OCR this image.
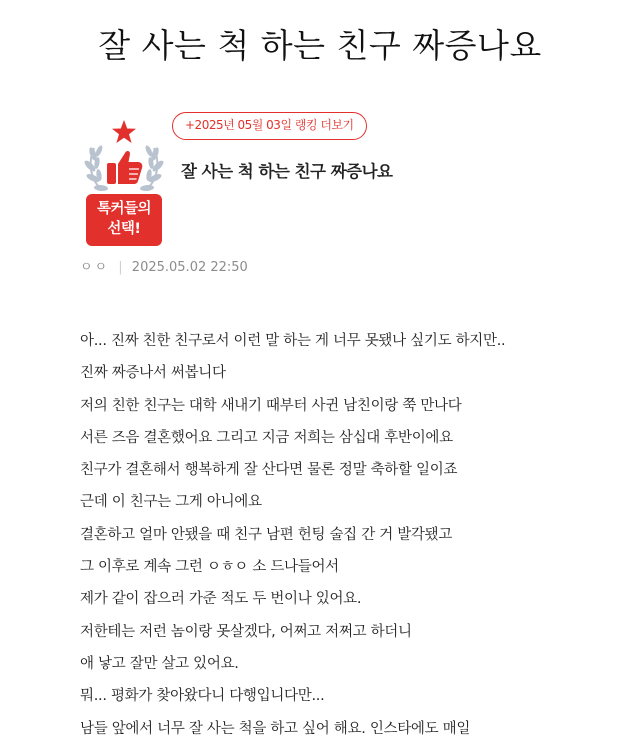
잘 사는 척 하는 친구 짜증나요
톡커들의
선택!
+2025년 05월 03일 랭킹 더보기
잘 사는 척 하는 친구 짜증나요
ㅇㅇ | 2025.05.02 22:50
아... 진짜 친한 친구로서 이런 말 하는 게 너무 못됐나 싶기도 하지만..
진짜 짜증나서 써봅니다
저의 친한 친구는 대학 새내기 때부터 사귄 남친이랑 쭉 만나다
서른 즈음 결혼했어요 그리고 지금 저희는 삼십대 후반이에요
친구가 결혼해서 행복하게 잘 산다면 물론 정말 축하할 일이죠
근데 이 친구는 그게 아니에요
결혼하고 얼마 안됐을 때 친구 남편 헌팅 술집 간 거 발각됐고
그 이후로 계속 그런 ㅇㅎㅇ 소 드나들어서
제가 같이 잡으러 가준 적도 두 번이나 있어요.
저한테는 저런 놈이랑 못살겠다, 어쩌고 저쩌고 하더니
애 낳고 잘만 살고 있어요.
뭐... 평화가 찾아왔다니 다행입니다만...
남들 앞에서 너무 잘 사는 척을 하고 싶어 해요. 인스타에도 매일
